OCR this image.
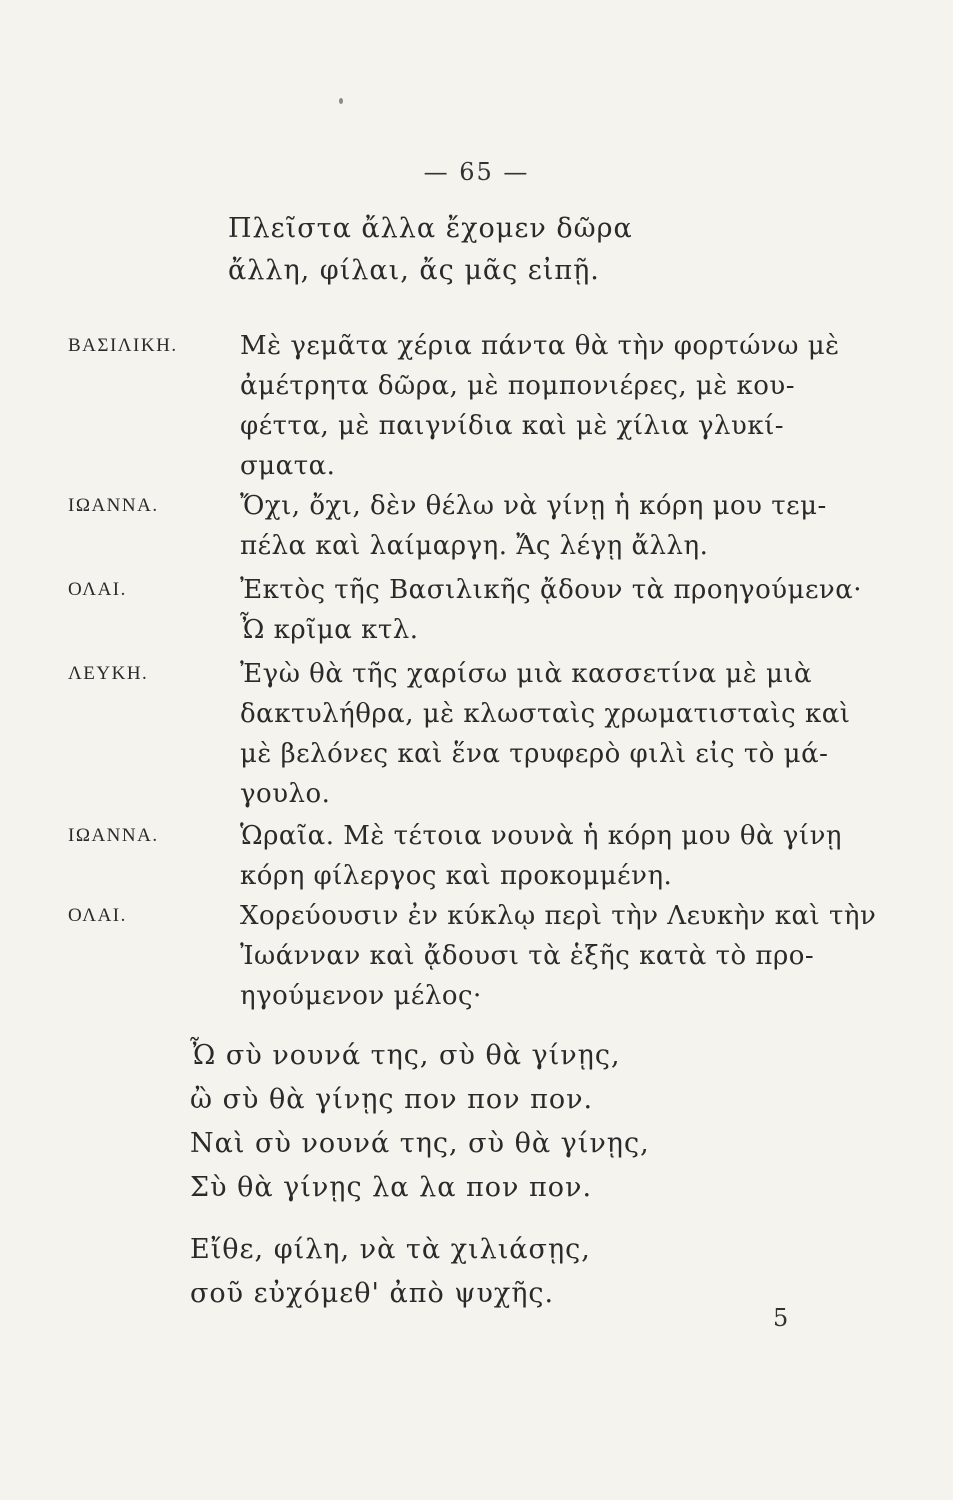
— 65 —
Πλεῖστα ἄλλα ἔχομεν δῶρα
ἄλλη, φίλαι, ἄς μᾶς εἰπῇ.
ΒΑΣΙΛΙΚΗ. Μὲ γεμᾶτα χέρια πάντα θὰ τὴν φορτώνω μὲ
ἀμέτρητα δῶρα, μὲ πομπονιέρες, μὲ κου-
φέττα, μὲ παιγνίδια καὶ μὲ χίλια γλυκί-
σματα.
ΙΩΑΝΝΑ.	Ὄχι, ὄχι, δὲν θέλω νὰ γίνῃ ἡ κόρη μου τεμ-
πέλα καὶ λαίμαργη. Ἄς λέγῃ ἄλλη.
ΟΛΑΙ.	Ἐκτὸς τῆς Βασιλικῆς ᾄδουν τὰ προηγούμενα·
Ὦ κρῖμα κτλ.
ΛΕΥΚΗ.	Ἐγὼ θὰ τῆς χαρίσω μιὰ κασσετίνα μὲ μιὰ
δακτυλήθρα, μὲ κλωσταὶς χρωματισταὶς καὶ
μὲ βελόνες καὶ ἕνα τρυφερὸ φιλὶ εἰς τὸ μά-
γουλο.
ΙΩΑΝΝΑ.	Ὡραῖα. Μὲ τέτοια νουνὰ ἡ κόρη μου θὰ γίνῃ
κόρη φίλεργος καὶ προκομμένη.
ΟΛΑΙ.	Χορεύουσιν ἐν κύκλῳ περὶ τὴν Λευκὴν καὶ τὴν
Ἰωάνναν καὶ ᾄδουσι τὰ ἑξῆς κατὰ τὸ προ-
ηγούμενον μέλος·
Ὦ σὺ νουνά της, σὺ θὰ γίνῃς,
ὢ σὺ θὰ γίνῃς πον πον πον.
Ναὶ σὺ νουνά της, σὺ θὰ γίνῃς,
Σὺ θὰ γίνῃς λα λα πον πον.
Εἴθε, φίλη, νὰ τὰ χιλιάσῃς,
σοῦ εὐχόμεθ' ἀπὸ ψυχῆς.
5
